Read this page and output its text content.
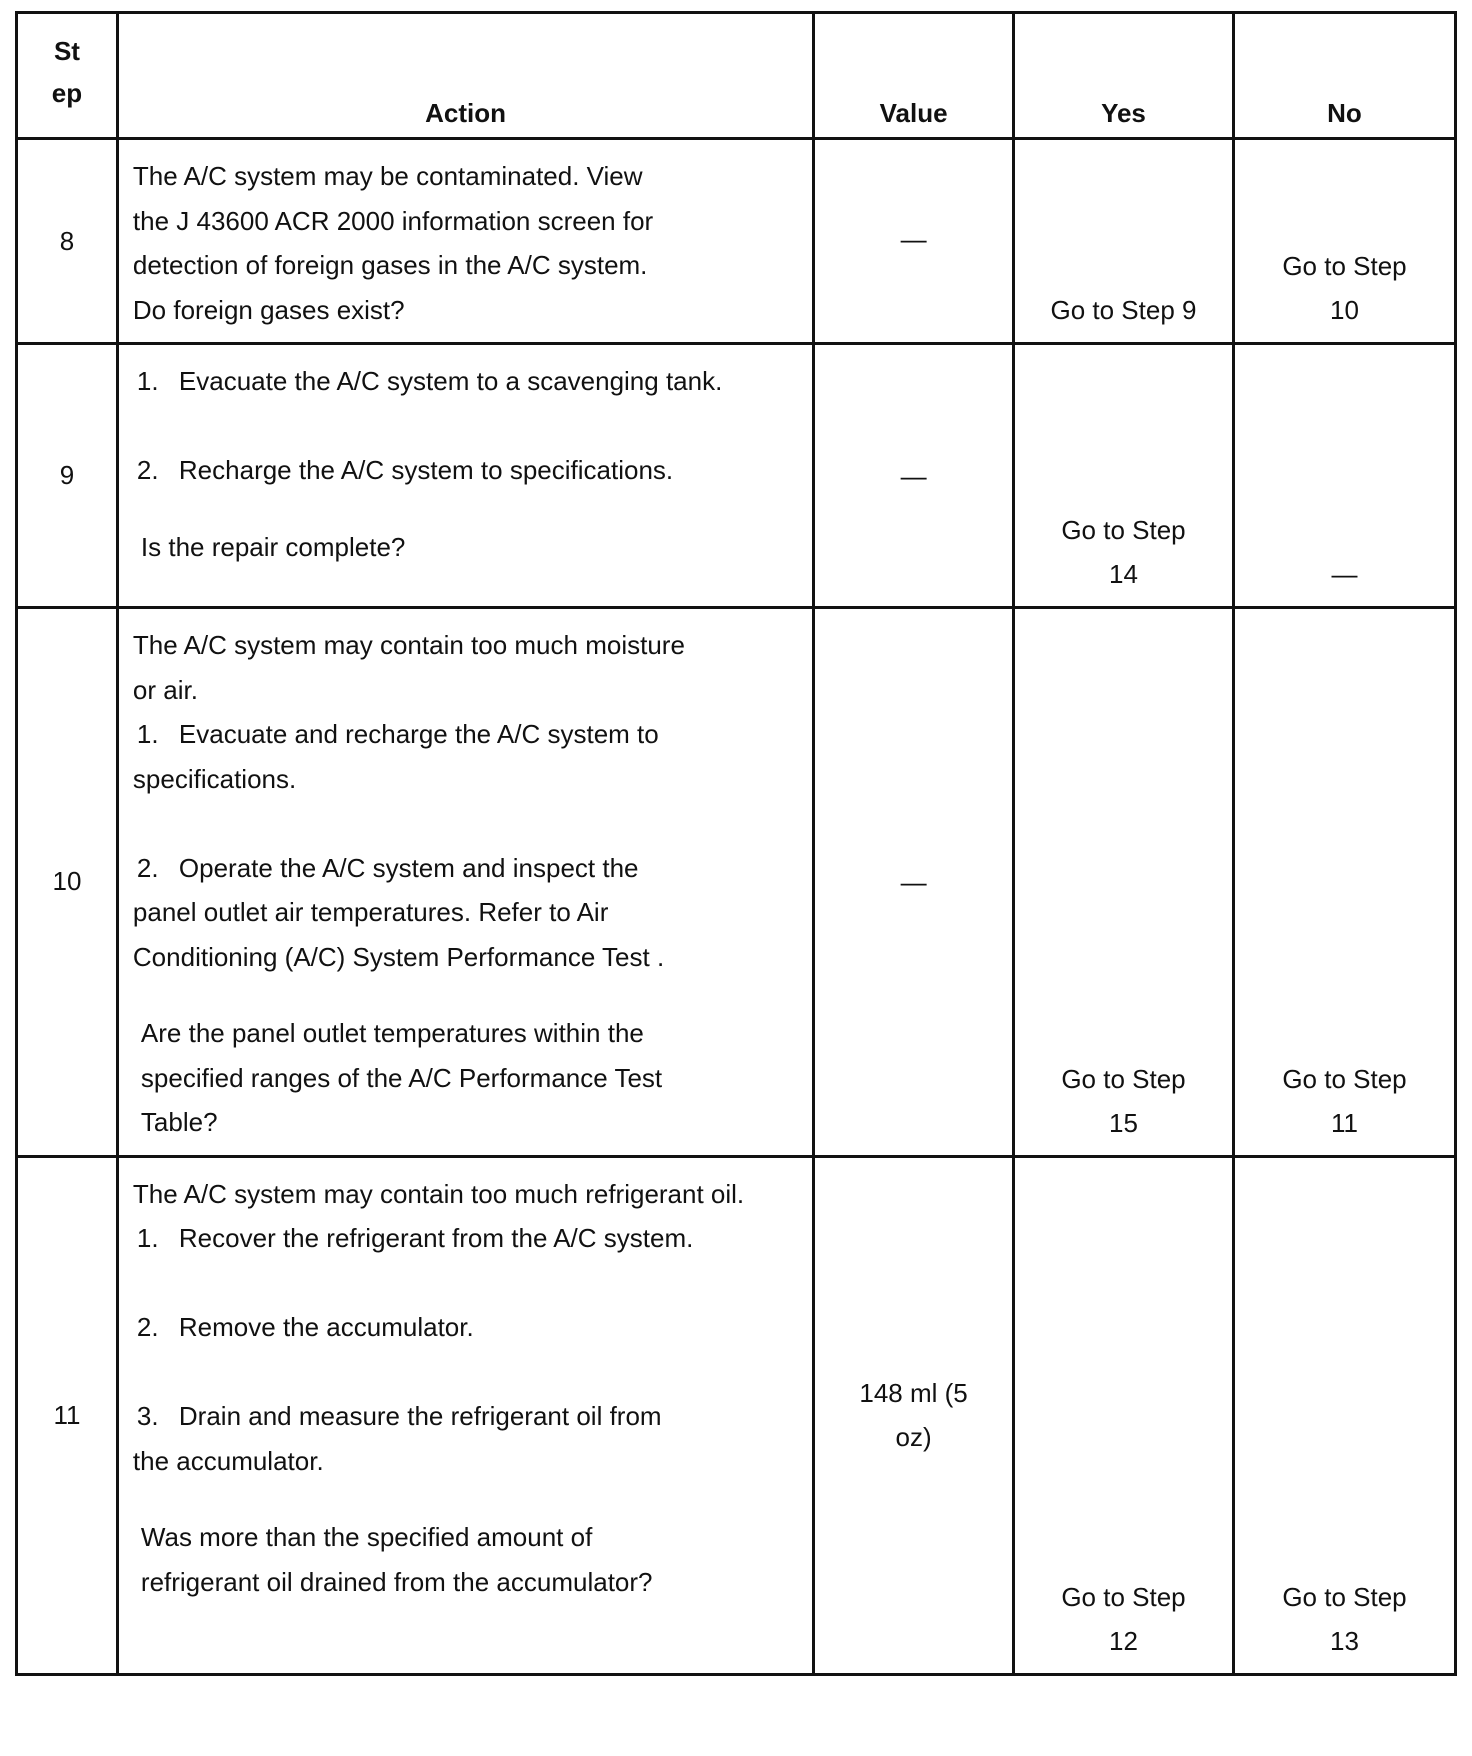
St
ep	Action	Value	Yes	No
8	The A/C system may be contaminated. View the J 43600 ACR 2000 information screen for detection of foreign gases in the A/C system. Do foreign gases exist?	—	Go to Step 9	Go to Step 10
9	1. Evacuate the A/C system to a scavenging tank.

2. Recharge the A/C system to specifications.

Is the repair complete?	—	Go to Step 14	—
10	The A/C system may contain too much moisture or air.

1. Evacuate and recharge the A/C system to specifications.

2. Operate the A/C system and inspect the panel outlet air temperatures. Refer to Air Conditioning (A/C) System Performance Test .

Are the panel outlet temperatures within the specified ranges of the A/C Performance Test Table?	—	Go to Step 15	Go to Step 11
11	The A/C system may contain too much refrigerant oil.

1. Recover the refrigerant from the A/C system.

2. Remove the accumulator.

3. Drain and measure the refrigerant oil from the accumulator.

Was more than the specified amount of refrigerant oil drained from the accumulator?	148 ml (5 oz)	Go to Step 12	Go to Step 13
